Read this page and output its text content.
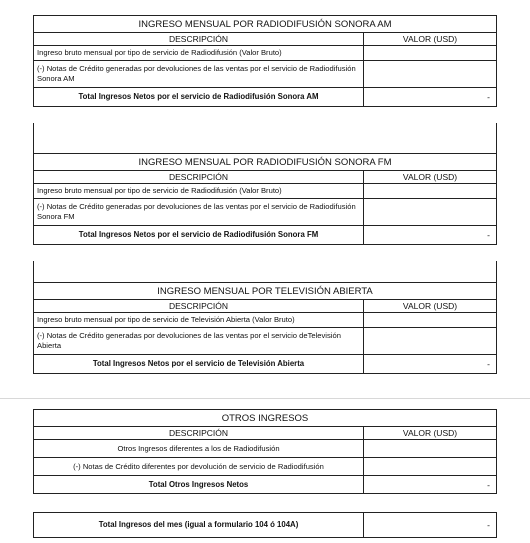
INGRESO MENSUAL POR RADIODIFUSIÓN SONORA AM
DESCRIPCIÓN	VALOR (USD)
Ingreso bruto mensual por tipo de servicio de Radiodifusión (Valor Bruto)
(-) Notas de Crédito generadas por devoluciones de las ventas por el servicio de Radiodifusión Sonora AM
Total Ingresos Netos por el servicio de Radiodifusión Sonora AM	-
INGRESO MENSUAL POR RADIODIFUSIÓN SONORA FM
DESCRIPCIÓN	VALOR (USD)
Ingreso bruto mensual por tipo de servicio de Radiodifusión (Valor Bruto)
(-) Notas de Crédito generadas por devoluciones de las ventas por el servicio de Radiodifusión Sonora FM
Total Ingresos Netos por el servicio de Radiodifusión Sonora FM	-
INGRESO MENSUAL POR TELEVISIÓN ABIERTA
DESCRIPCIÓN	VALOR (USD)
Ingreso bruto mensual por tipo de servicio de Televisión Abierta (Valor Bruto)
(-) Notas de Crédito generadas por devoluciones de las ventas por el servicio deTelevisión Abierta
Total Ingresos Netos por el servicio de Televisión Abierta	-
OTROS INGRESOS
DESCRIPCIÓN	VALOR (USD)
Otros Ingresos diferentes a los de Radiodifusión
(-) Notas de Crédito diferentes por devolución de servicio de Radiodifusión
Total Otros Ingresos Netos	-
Total Ingresos del mes (igual a formulario 104 ó 104A)	-
